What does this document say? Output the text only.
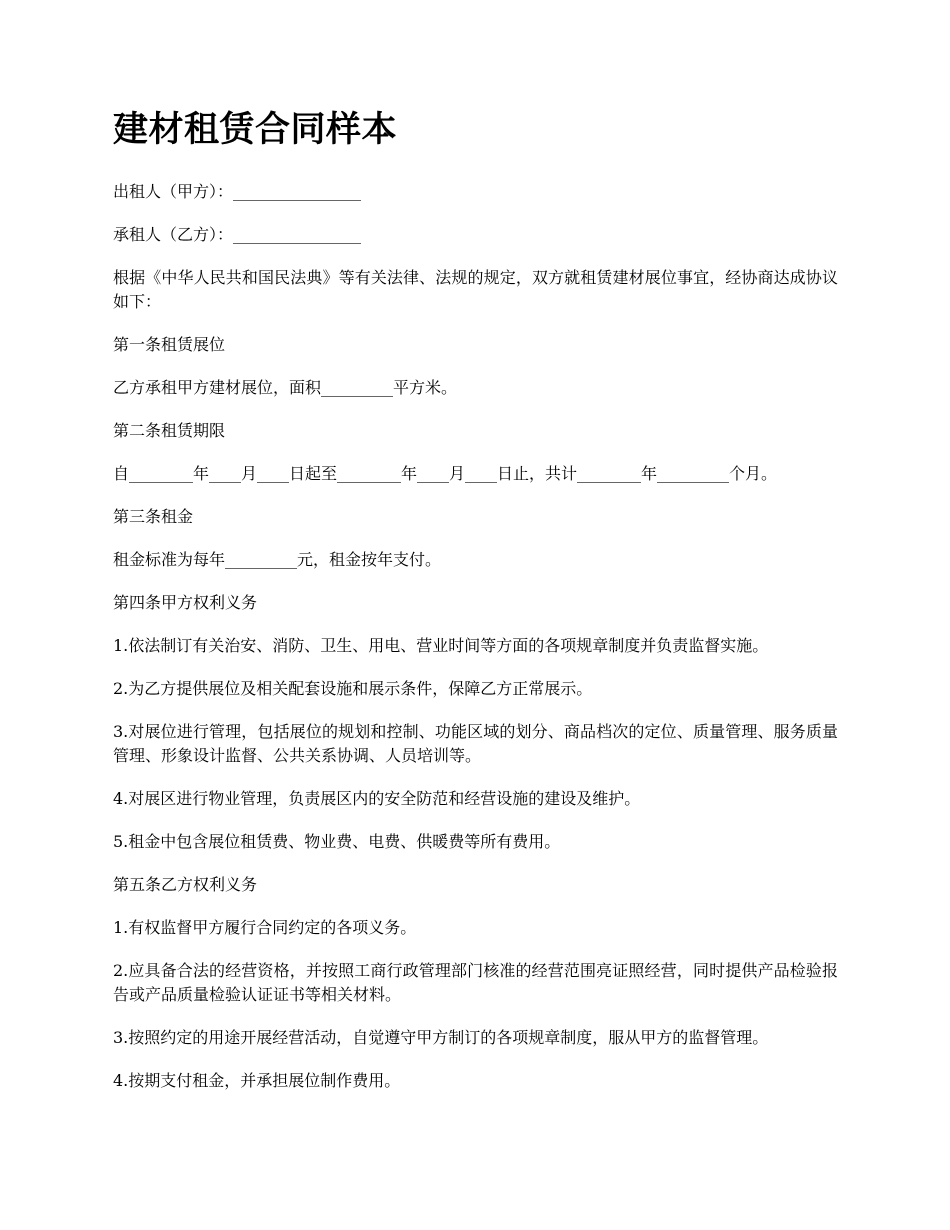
建材租赁合同样本

出租人（甲方）：________________

承租人（乙方）：________________

根据《中华人民共和国民法典》等有关法律、法规的规定，双方就租赁建材展位事宜，经协商达成协议如下：

第一条租赁展位

乙方承租甲方建材展位，面积_________平方米。

第二条租赁期限

自________年____月____日起至________年____月____日止，共计________年_________个月。

第三条租金

租金标准为每年_________元，租金按年支付。

第四条甲方权利义务

1.依法制订有关治安、消防、卫生、用电、营业时间等方面的各项规章制度并负责监督实施。

2.为乙方提供展位及相关配套设施和展示条件，保障乙方正常展示。

3.对展位进行管理，包括展位的规划和控制、功能区域的划分、商品档次的定位、质量管理、服务质量管理、形象设计监督、公共关系协调、人员培训等。

4.对展区进行物业管理，负责展区内的安全防范和经营设施的建设及维护。

5.租金中包含展位租赁费、物业费、电费、供暖费等所有费用。

第五条乙方权利义务

1.有权监督甲方履行合同约定的各项义务。

2.应具备合法的经营资格，并按照工商行政管理部门核准的经营范围亮证照经营，同时提供产品检验报告或产品质量检验认证证书等相关材料。

3.按照约定的用途开展经营活动，自觉遵守甲方制订的各项规章制度，服从甲方的监督管理。

4.按期支付租金，并承担展位制作费用。
